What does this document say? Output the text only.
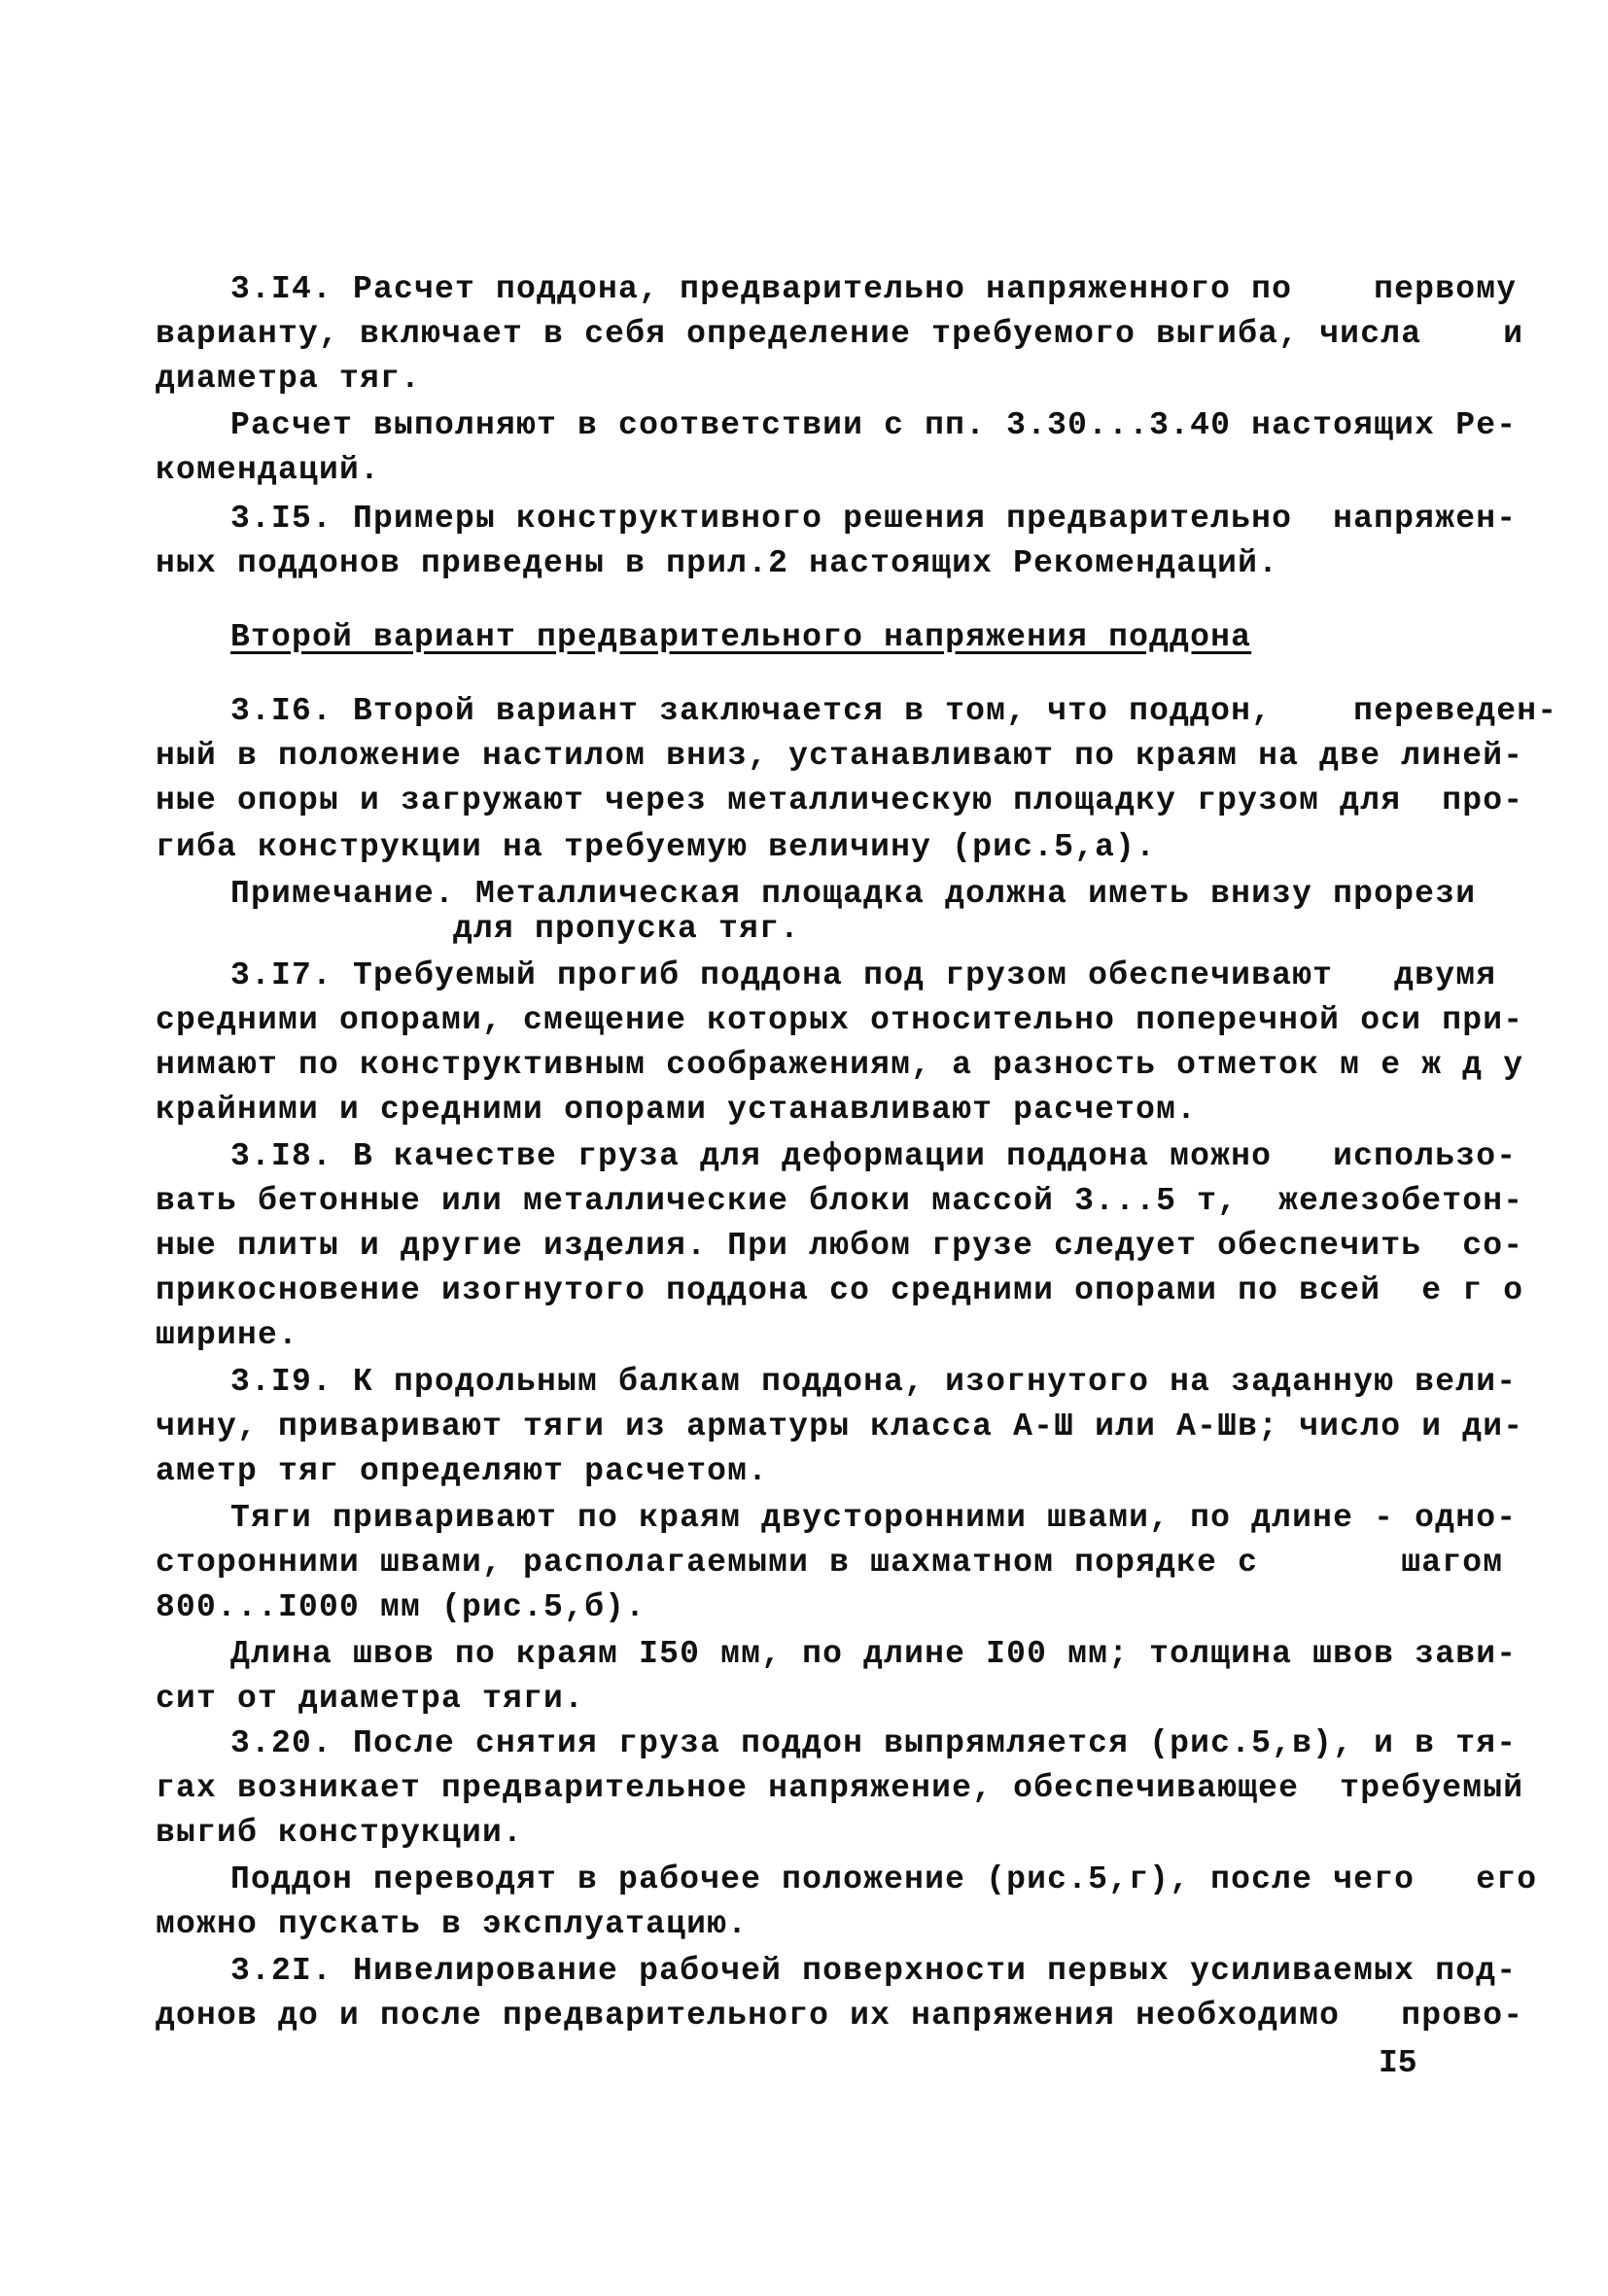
3.I4. Расчет поддона, предварительно напряженного по    первому
варианту, включает в себя определение требуемого выгиба, числа    и
диаметра тяг.
Расчет выполняют в соответствии с пп. 3.30...3.40 настоящих Ре-
комендаций.
3.I5. Примеры конструктивного решения предварительно  напряжен-
ных поддонов приведены в прил.2 настоящих Рекомендаций.
Второй вариант предварительного напряжения поддона
3.I6. Второй вариант заключается в том, что поддон,    переведен-
ный в положение настилом вниз, устанавливают по краям на две линей-
ные опоры и загружают через металлическую площадку грузом для  про-
гиба конструкции на требуемую величину (рис.5,а).
Примечание. Металлическая площадка должна иметь внизу прорези
для пропуска тяг.
3.I7. Требуемый прогиб поддона под грузом обеспечивают   двумя
средними опорами, смещение которых относительно поперечной оси при-
нимают по конструктивным соображениям, а разность отметок м е ж д у
крайними и средними опорами устанавливают расчетом.
3.I8. В качестве груза для деформации поддона можно   использо-
вать бетонные или металлические блоки массой 3...5 т,  железобетон-
ные плиты и другие изделия. При любом грузе следует обеспечить  со-
прикосновение изогнутого поддона со средними опорами по всей  е г о
ширине.
3.I9. К продольным балкам поддона, изогнутого на заданную вели-
чину, приваривают тяги из арматуры класса А-Ш или А-Шв; число и ди-
аметр тяг определяют расчетом.
Тяги приваривают по краям двусторонними швами, по длине - одно-
сторонними швами, располагаемыми в шахматном порядке с       шагом
800...I000 мм (рис.5,б).
Длина швов по краям I50 мм, по длине I00 мм; толщина швов зави-
сит от диаметра тяги.
3.20. После снятия груза поддон выпрямляется (рис.5,в), и в тя-
гах возникает предварительное напряжение, обеспечивающее  требуемый
выгиб конструкции.
Поддон переводят в рабочее положение (рис.5,г), после чего   его
можно пускать в эксплуатацию.
3.2I. Нивелирование рабочей поверхности первых усиливаемых под-
донов до и после предварительного их напряжения необходимо   прово-
I5
